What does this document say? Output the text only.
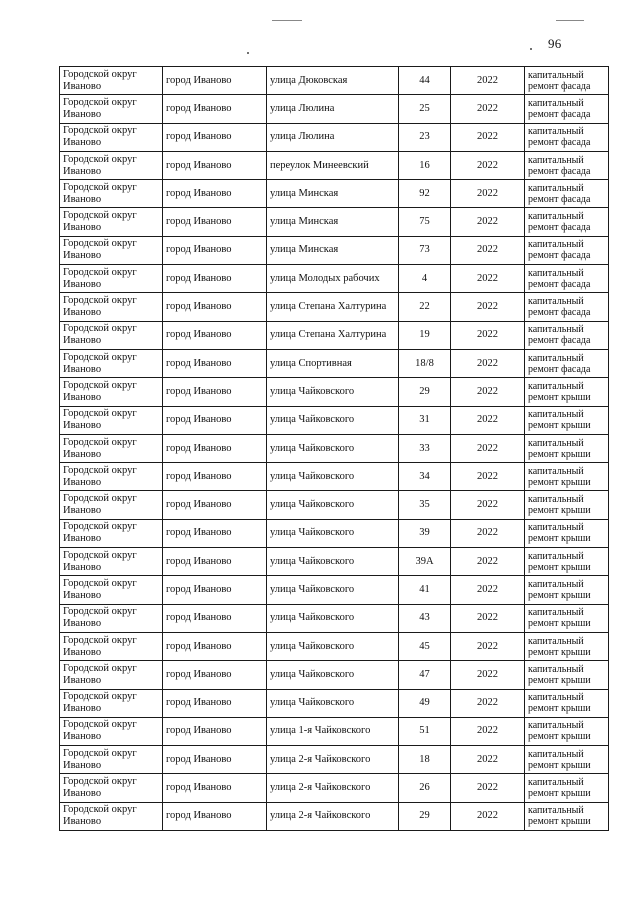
96
Городской округ Иваново	город Иваново	улица Дюковская	44	2022	капитальный ремонт фасада
Городской округ Иваново	город Иваново	улица Люлина	25	2022	капитальный ремонт фасада
Городской округ Иваново	город Иваново	улица Люлина	23	2022	капитальный ремонт фасада
Городской округ Иваново	город Иваново	переулок Минеевский	16	2022	капитальный ремонт фасада
Городской округ Иваново	город Иваново	улица Минская	92	2022	капитальный ремонт фасада
Городской округ Иваново	город Иваново	улица Минская	75	2022	капитальный ремонт фасада
Городской округ Иваново	город Иваново	улица Минская	73	2022	капитальный ремонт фасада
Городской округ Иваново	город Иваново	улица Молодых рабочих	4	2022	капитальный ремонт фасада
Городской округ Иваново	город Иваново	улица Степана Халтурина	22	2022	капитальный ремонт фасада
Городской округ Иваново	город Иваново	улица Степана Халтурина	19	2022	капитальный ремонт фасада
Городской округ Иваново	город Иваново	улица Спортивная	18/8	2022	капитальный ремонт фасада
Городской округ Иваново	город Иваново	улица Чайковского	29	2022	капитальный ремонт крыши
Городской округ Иваново	город Иваново	улица Чайковского	31	2022	капитальный ремонт крыши
Городской округ Иваново	город Иваново	улица Чайковского	33	2022	капитальный ремонт крыши
Городской округ Иваново	город Иваново	улица Чайковского	34	2022	капитальный ремонт крыши
Городской округ Иваново	город Иваново	улица Чайковского	35	2022	капитальный ремонт крыши
Городской округ Иваново	город Иваново	улица Чайковского	39	2022	капитальный ремонт крыши
Городской округ Иваново	город Иваново	улица Чайковского	39А	2022	капитальный ремонт крыши
Городской округ Иваново	город Иваново	улица Чайковского	41	2022	капитальный ремонт крыши
Городской округ Иваново	город Иваново	улица Чайковского	43	2022	капитальный ремонт крыши
Городской округ Иваново	город Иваново	улица Чайковского	45	2022	капитальный ремонт крыши
Городской округ Иваново	город Иваново	улица Чайковского	47	2022	капитальный ремонт крыши
Городской округ Иваново	город Иваново	улица Чайковского	49	2022	капитальный ремонт крыши
Городской округ Иваново	город Иваново	улица 1-я Чайковского	51	2022	капитальный ремонт крыши
Городской округ Иваново	город Иваново	улица 2-я Чайковского	18	2022	капитальный ремонт крыши
Городской округ Иваново	город Иваново	улица 2-я Чайковского	26	2022	капитальный ремонт крыши
Городской округ Иваново	город Иваново	улица 2-я Чайковского	29	2022	капитальный ремонт крыши
